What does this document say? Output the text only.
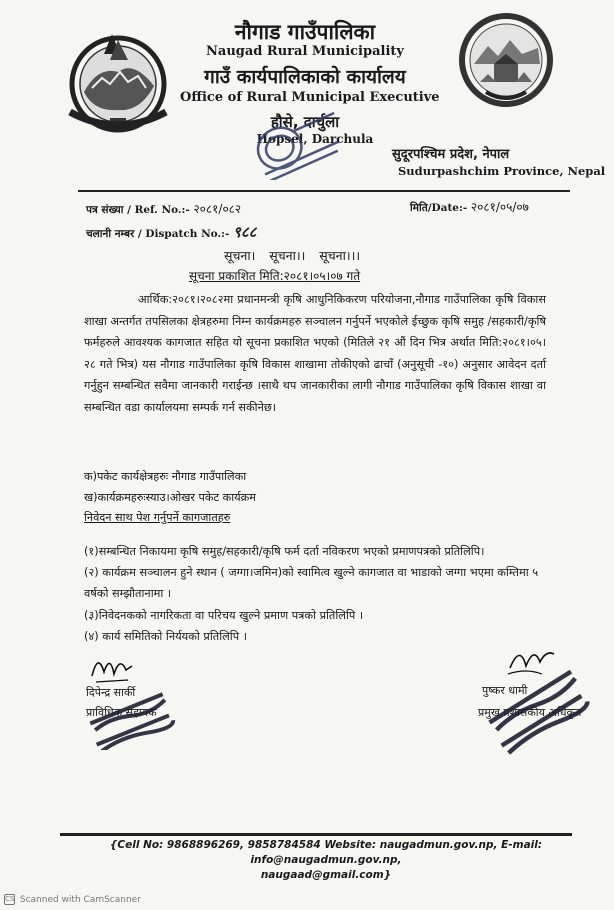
नौगाड गाउँपालिका
Naugad Rural Municipality
गाउँ कार्यपालिकाको कार्यालय
Office of Rural Municipal Executive
हौसे, दार्चुला
Hopsel, Darchula
सुदूरपश्चिम प्रदेश, नेपाल
Sudurpashchim Province, Nepal
पत्र संख्या / Ref. No.:- २०८१/०८२	मिति/Date:- २०८१/०५/०७
चलानी नम्बर / Dispatch No.:- ९८८
सूचना। सूचना।। सूचना।।।
सूचना प्रकाशित मिति:२०८१।०५।०७ गते
आर्थिक:२०८१।२०८२मा प्रधानमन्त्री कृषि आधुनिकिकरण परियोजना,नौगाड गाउँपालिका कृषि विकास शाखा अन्तर्गत तपसिलका क्षेत्रहरुमा निम्न कार्यक्रमहरु सञ्चालन गर्नुपर्ने भएकोले ईच्छुक कृषि समुह /सहकारी/कृषि फर्महरुले आवश्यक कागजात सहित यो सूचना प्रकाशित भएको (मितिले २१ औं दिन भित्र अर्थात मिति:२०८१।०५।२८ गते भित्र) यस नौगाड गाउँपालिका कृषि विकास शाखामा तोकीएको ढाचाँ (अनुसूची -१०) अनुसार आवेदन दर्ता गर्नुहुन सम्बन्धित सवैमा जानकारी गराईन्छ ।साथै थप जानकारीका लागी नौगाड गाउँपालिका कृषि विकास शाखा वा सम्बन्धित वडा कार्यालयमा सम्पर्क गर्न सकीनेछ।
क)पकेट कार्यक्षेत्रहरुः नौगाड गाउँपालिका
ख)कार्यक्रमहरुःस्याउ।ओखर पकेट कार्यक्रम
निवेदन साथ पेश गर्नुपर्ने कागजातहरु
(१)सम्बन्धित निकायमा कृषि समुह/सहकारी/कृषि फर्म दर्ता नविकरण भएको प्रमाणपत्रको प्रतिलिपि।
(२) कार्यक्रम सञ्चालन हुने स्थान ( जग्गा।जमिन)को स्वामित्व खुल्ने कागजात वा भाडाको जग्गा भएमा कम्तिमा ५ वर्षको सम्झौतानामा ।
(३)निवेदनकको नागरिकता वा परिचय खुल्ने प्रमाण पत्रको प्रतिलिपि ।
(४) कार्य समितिको निर्ययको प्रतिलिपि ।
दिपेन्द्र सार्की
प्राविधिक सहायक
पुष्कर धामी
प्रमुख प्रशासकीय अधिकृत
{Cell No: 9868896269, 9858784584 Website: naugadmun.gov.np, E-mail: info@naugadmun.gov.np,
naugaad@gmail.com}
CS Scanned with CamScanner
